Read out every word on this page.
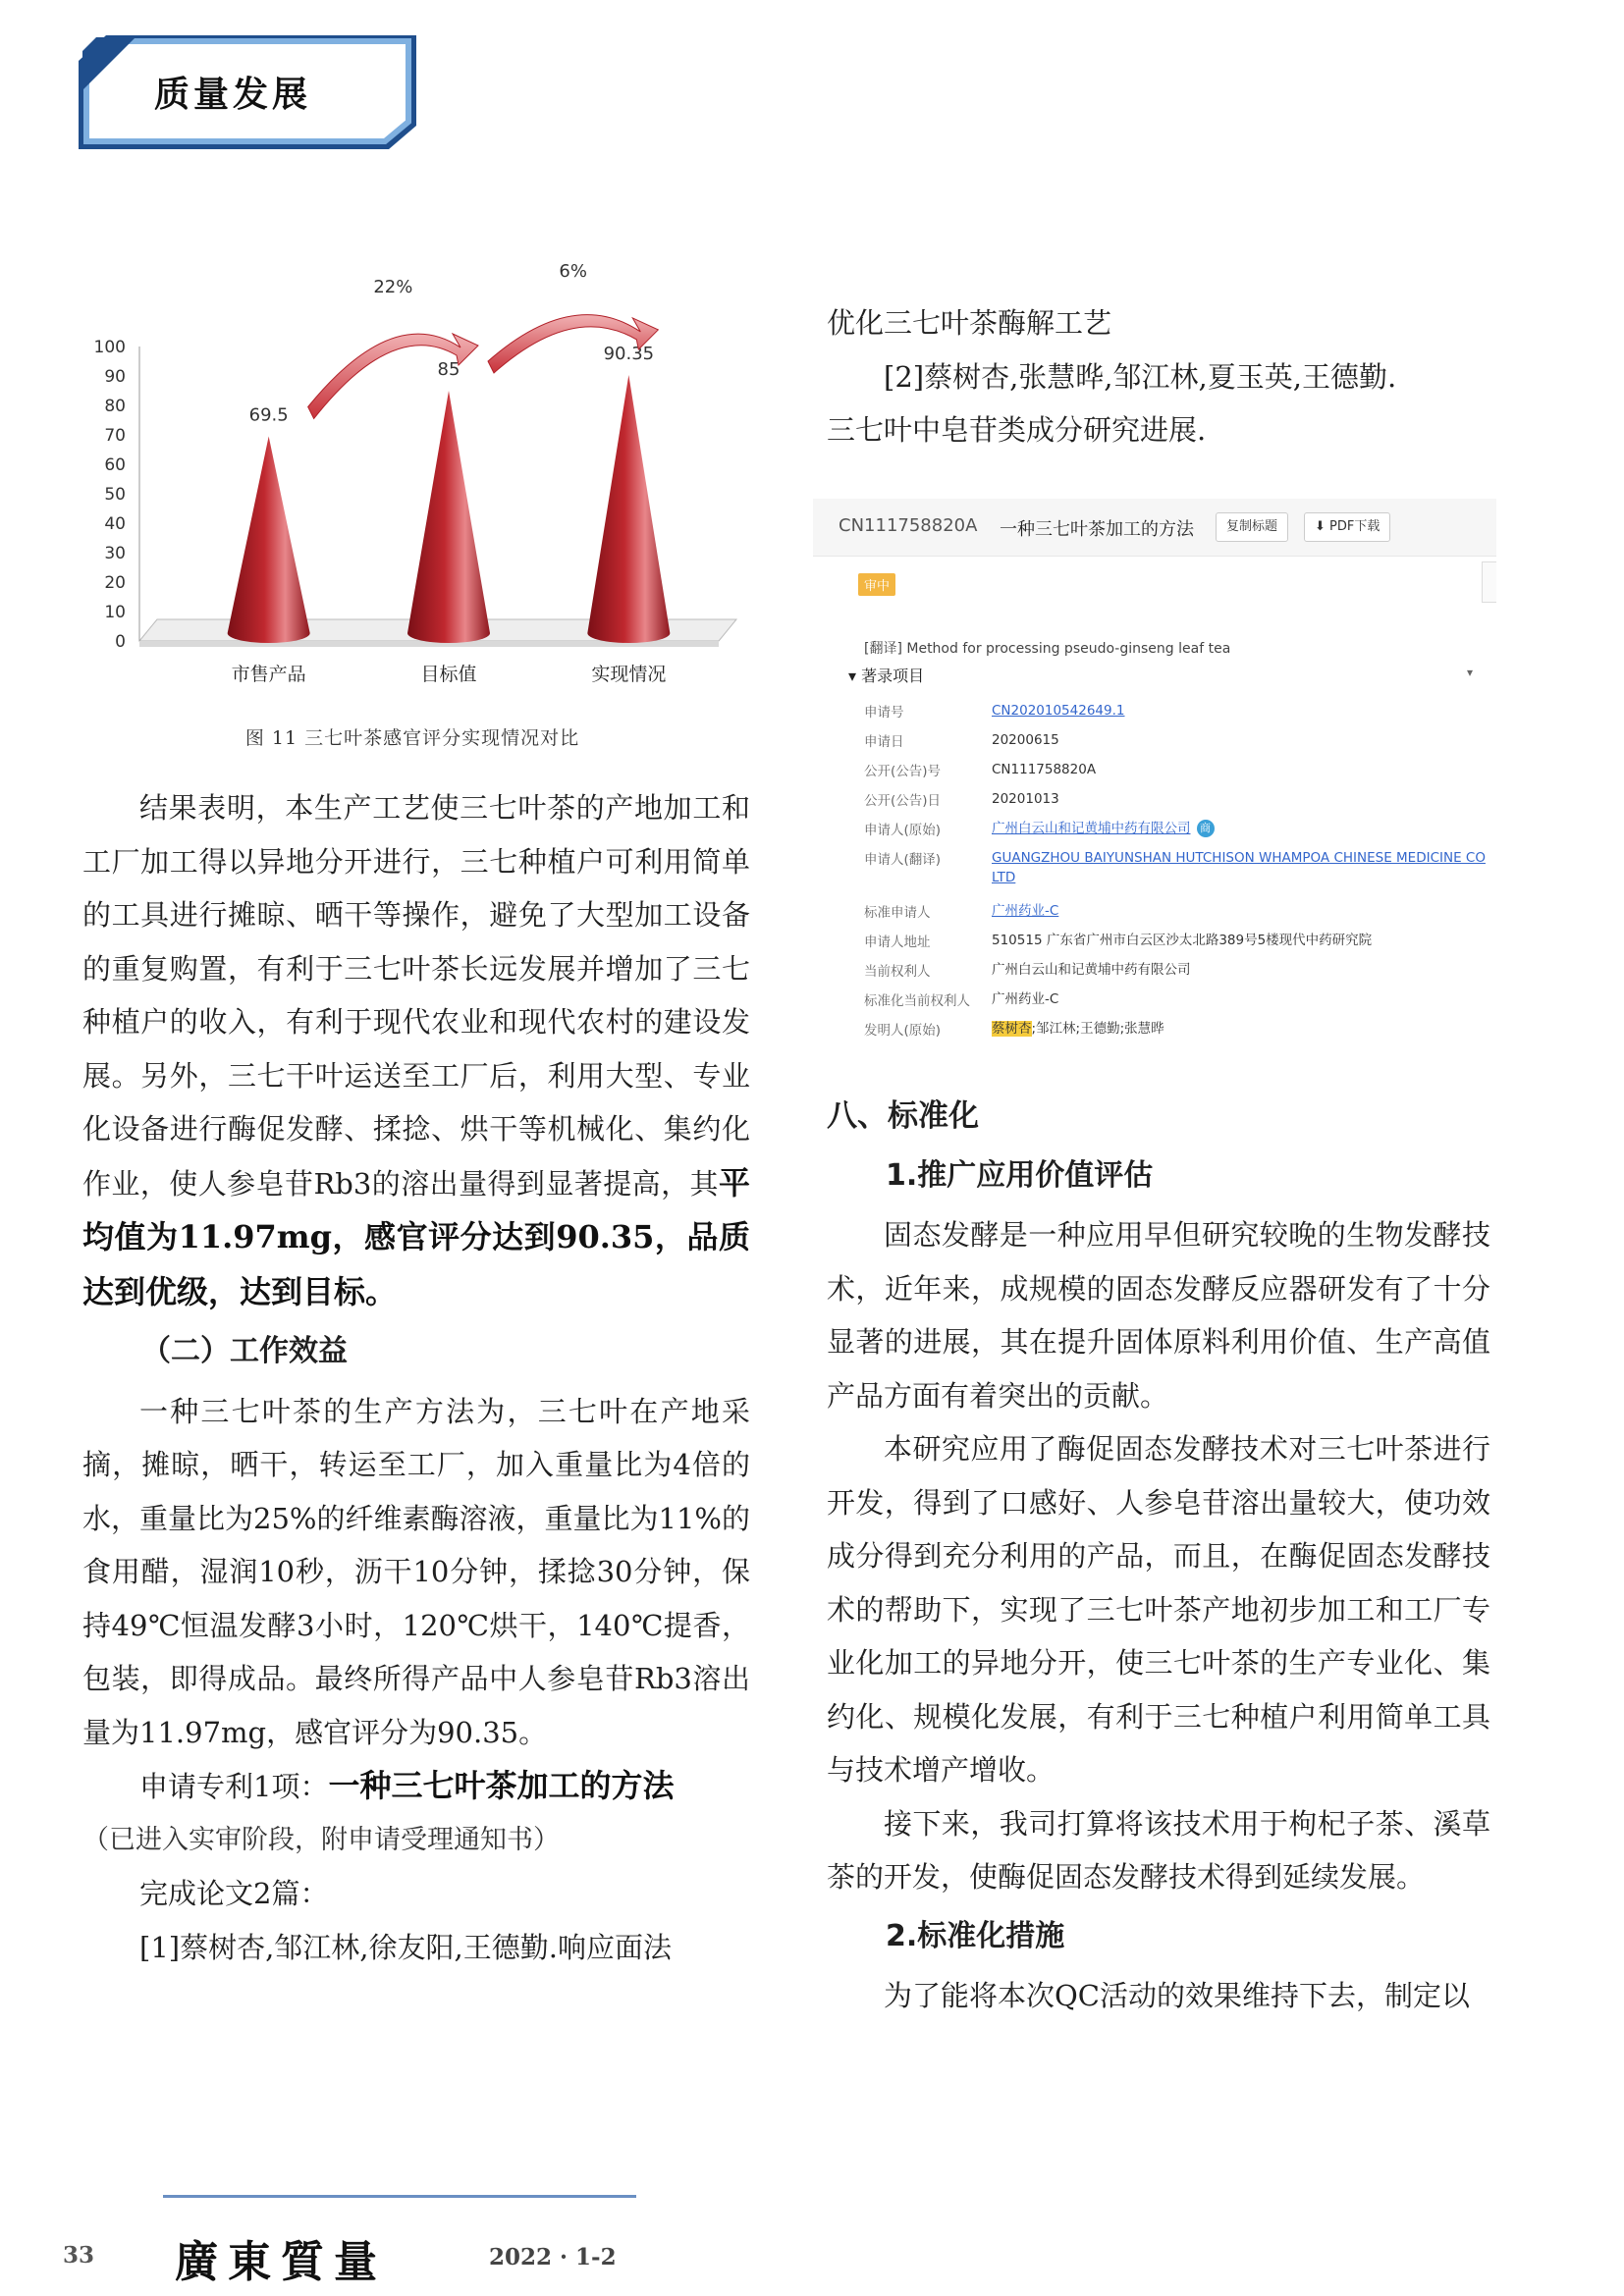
质量发展
0
10
20
30
40
50
60
70
80
90
100
69.5
市售产品
85
目标值
90.35
实现情况
22%
6%
图 11 三七叶茶感官评分实现情况对比

结果表明，本生产工艺使三七叶茶的产地加工和工厂加工得以异地分开进行，三七种植户可利用简单的工具进行摊晾、晒干等操作，避免了大型加工设备的重复购置，有利于三七叶茶长远发展并增加了三七种植户的收入，有利于现代农业和现代农村的建设发展。另外，三七干叶运送至工厂后，利用大型、专业化设备进行酶促发酵、揉捻、烘干等机械化、集约化作业，使人参皂苷Rb3的溶出量得到显著提高，其平均值为11.97mg，感官评分达到90.35，品质达到优级，达到目标。

（二）工作效益

一种三七叶茶的生产方法为，三七叶在产地采摘，摊晾，晒干，转运至工厂，加入重量比为4倍的水，重量比为25%的纤维素酶溶液，重量比为11%的食用醋，湿润10秒，沥干10分钟，揉捻30分钟，保持49℃恒温发酵3小时，120℃烘干，140℃提香，包装，即得成品。最终所得产品中人参皂苷Rb3溶出量为11.97mg，感官评分为90.35。

申请专利1项：一种三七叶茶加工的方法

（已进入实审阶段，附申请受理通知书）

完成论文2篇：

[1]蔡树杏,邹江林,徐友阳,王德勤.响应面法

优化三七叶茶酶解工艺

[2]蔡树杏,张慧晔,邹江林,夏玉英,王德勤.

三七叶中皂苷类成分研究进展.

CN111758820A 一种三七叶茶加工的方法	复制标题	⬇ PDF下载
审中
[翻译] Method for processing pseudo-ginseng leaf tea
▾ 著录项目	▾
申请号	CN202010542649.1
申请日	20200615
公开(公告)号	CN111758820A
公开(公告)日	20201013
申请人(原始)	广州白云山和记黄埔中药有限公司 商
申请人(翻译)	GUANGZHOU BAIYUNSHAN HUTCHISON WHAMPOA CHINESE MEDICINE CO LTD
标准申请人	广州药业-C
申请人地址	510515 广东省广州市白云区沙太北路389号5楼现代中药研究院
当前权利人	广州白云山和记黄埔中药有限公司
标准化当前权利人	广州药业-C
发明人(原始)	蔡树杏;邹江林;王德勤;张慧晔
八、标准化
1.推广应用价值评估

固态发酵是一种应用早但研究较晚的生物发酵技术，近年来，成规模的固态发酵反应器研发有了十分显著的进展，其在提升固体原料利用价值、生产高值产品方面有着突出的贡献。

本研究应用了酶促固态发酵技术对三七叶茶进行开发，得到了口感好、人参皂苷溶出量较大，使功效成分得到充分利用的产品，而且，在酶促固态发酵技术的帮助下，实现了三七叶茶产地初步加工和工厂专业化加工的异地分开，使三七叶茶的生产专业化、集约化、规模化发展，有利于三七种植户利用简单工具与技术增产增收。

接下来，我司打算将该技术用于枸杞子茶、溪草茶的开发，使酶促固态发酵技术得到延续发展。

2.标准化措施

为了能将本次QC活动的效果维持下去，制定以

33 廣東質量	2022 · 1-2
